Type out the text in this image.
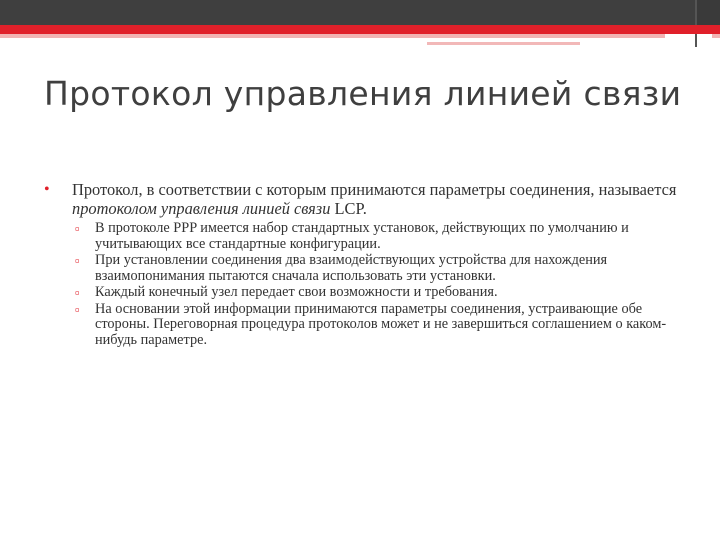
Протокол управления линией связи
• Протокол, в соответствии с которым принимаются параметры соединения, называется протоколом управления линией связи LCP.
▫ В протоколе PPP имеется набор стандартных установок, действующих по умолчанию и учитывающих все стандартные конфигурации.
▫ При установлении соединения два взаимодействующих устройства для нахождения взаимопонимания пытаются сначала использовать эти установки.
▫ Каждый конечный узел передает свои возможности и требования.
▫ На основании этой информации принимаются параметры соединения, устраивающие обе стороны. Переговорная процедура протоколов может и не завершиться соглашением о каком-нибудь параметре.
